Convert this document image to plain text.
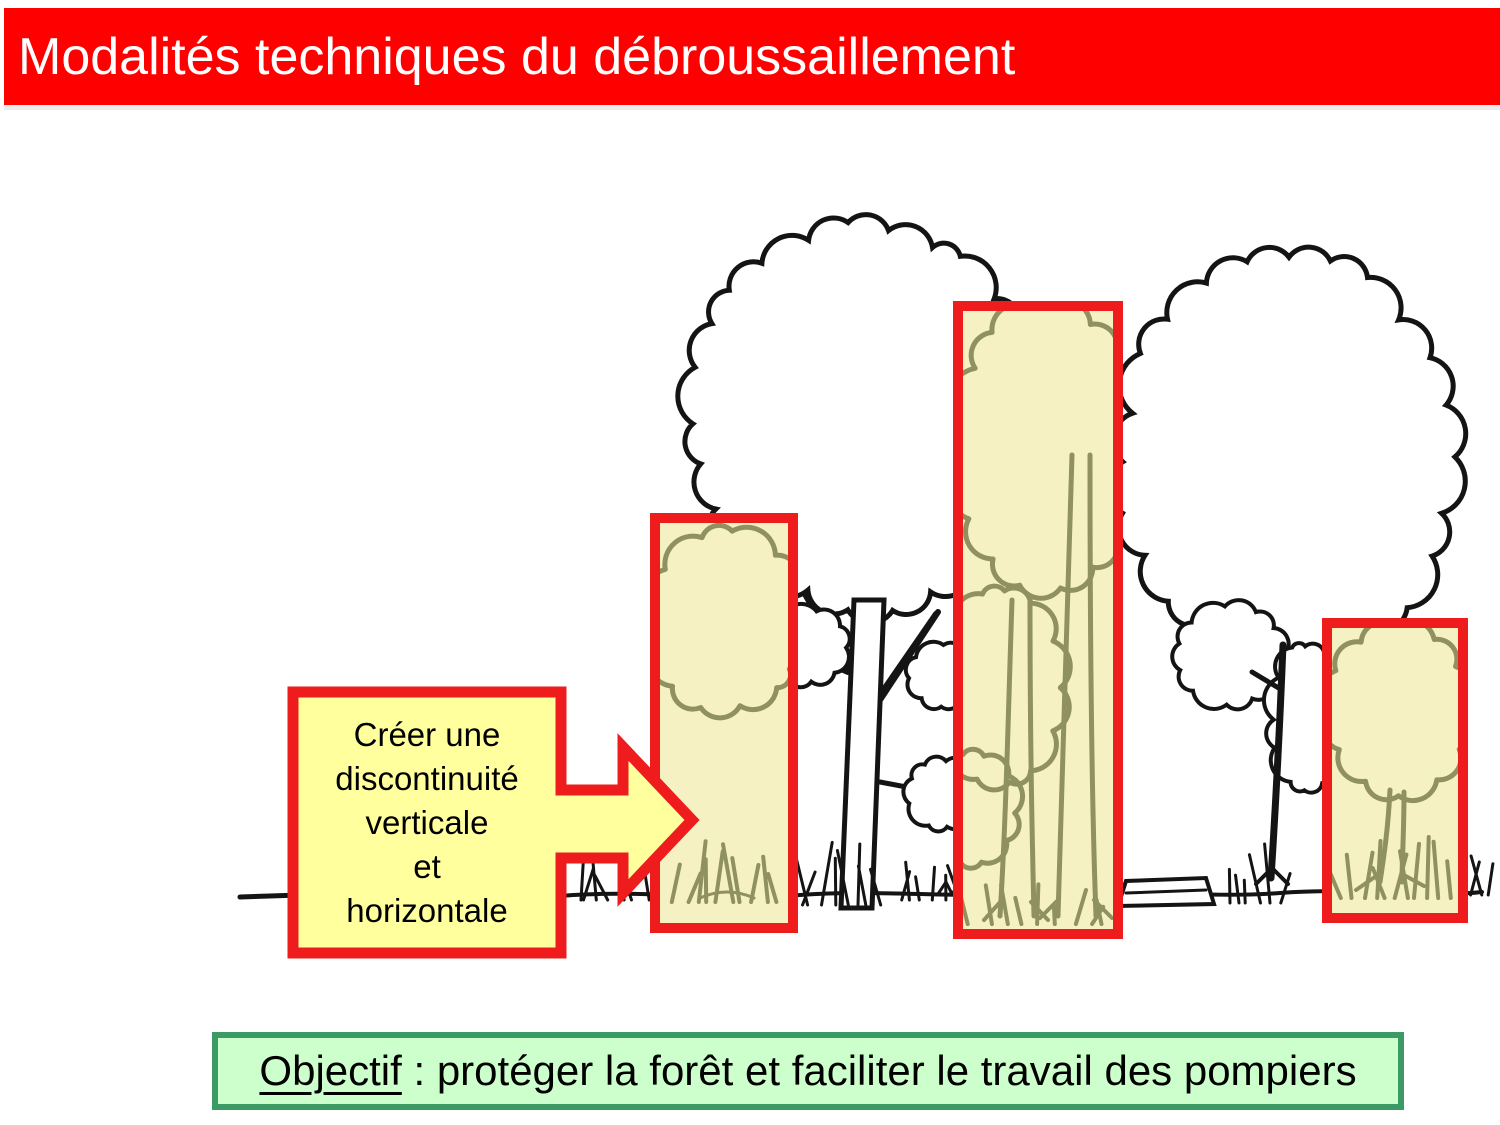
Modalités techniques du débroussaillement
Créer une
discontinuité
verticale
et
horizontale
Objectif : protéger la forêt et faciliter le travail des pompiers
